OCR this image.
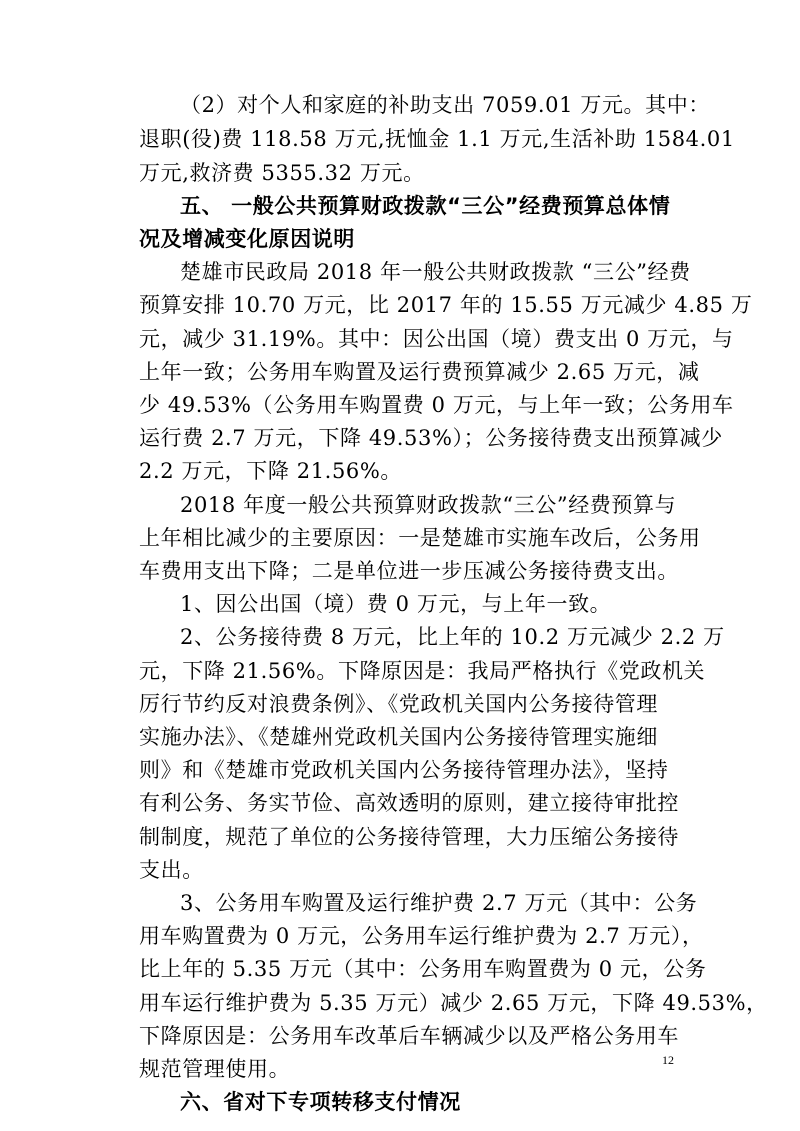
（2）对个人和家庭的补助支出 7059.01 万元。其中：
退职(役)费 118.58 万元,抚恤金 1.1 万元,生活补助 1584.01
万元,救济费 5355.32 万元。
五、 一般公共预算财政拨款“三公”经费预算总体情
况及增减变化原因说明
楚雄市民政局 2018 年一般公共财政拨款 “三公”经费
预算安排 10.70 万元，比 2017 年的 15.55 万元减少 4.85 万
元，减少 31.19%。其中：因公出国（境）费支出 0 万元，与
上年一致；公务用车购置及运行费预算减少 2.65 万元，减
少 49.53%（公务用车购置费 0 万元，与上年一致；公务用车
运行费 2.7 万元，下降 49.53%）；公务接待费支出预算减少
2.2 万元，下降 21.56%。
2018 年度一般公共预算财政拨款“三公”经费预算与
上年相比减少的主要原因：一是楚雄市实施车改后，公务用
车费用支出下降；二是单位进一步压减公务接待费支出。
1、因公出国（境）费 0 万元，与上年一致。
2、公务接待费 8 万元，比上年的 10.2 万元减少 2.2 万
元，下降 21.56%。下降原因是：我局严格执行《党政机关
厉行节约反对浪费条例》、《党政机关国内公务接待管理
实施办法》、《楚雄州党政机关国内公务接待管理实施细
则》和《楚雄市党政机关国内公务接待管理办法》，坚持
有利公务、务实节俭、高效透明的原则，建立接待审批控
制制度，规范了单位的公务接待管理，大力压缩公务接待
支出。
3、公务用车购置及运行维护费 2.7 万元（其中：公务
用车购置费为 0 万元，公务用车运行维护费为 2.7 万元），
比上年的 5.35 万元（其中：公务用车购置费为 0 元，公务
用车运行维护费为 5.35 万元）减少 2.65 万元，下降 49.53%，
下降原因是：公务用车改革后车辆减少以及严格公务用车
规范管理使用。
六、省对下专项转移支付情况
12
